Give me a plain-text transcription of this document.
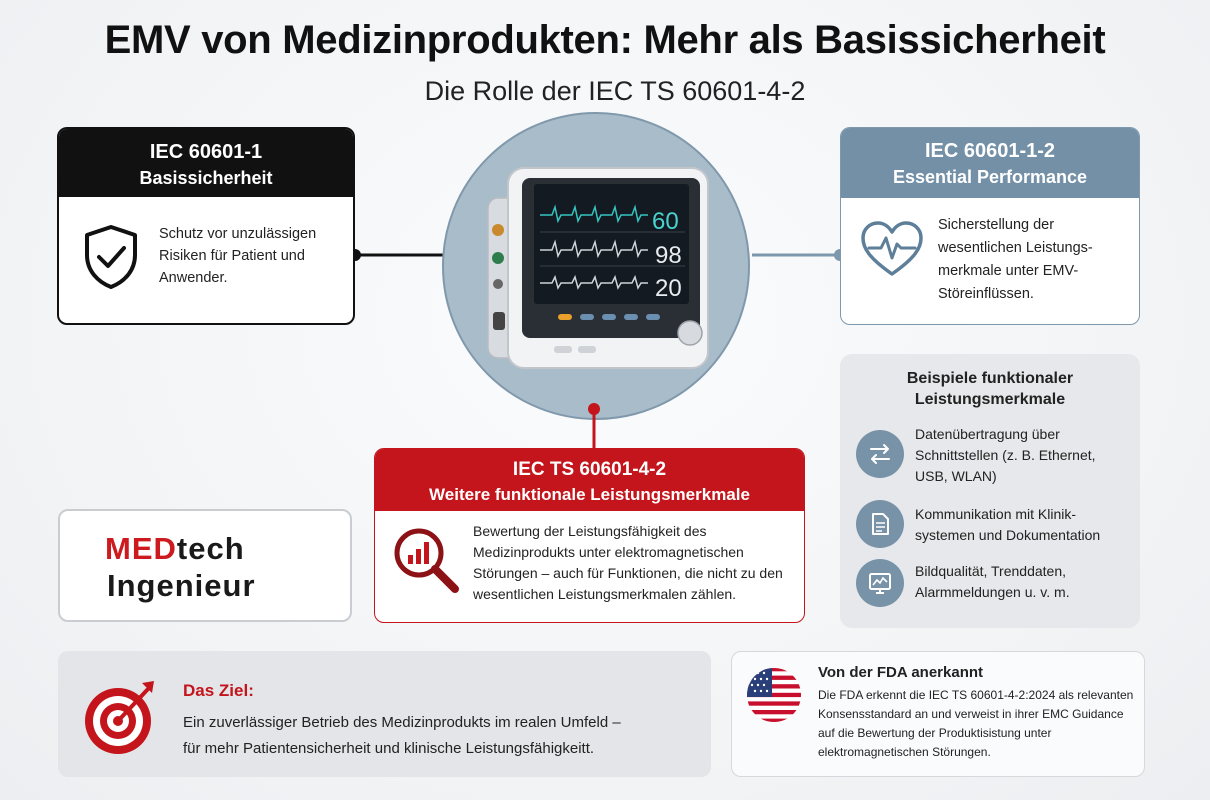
EMV von Medizinprodukten: Mehr als Basissicherheit
Die Rolle der IEC TS 60601-4-2
60
98
20
IEC 60601-1
Basissicherheit
Schutz vor unzulässigen Risiken für Patient und Anwender.
IEC 60601-1-2
Essential Performance
Sicherstellung der wesentlichen Leistungs-merkmale unter EMV-Störeinflüssen.
IEC TS 60601-4-2
Weitere funktionale Leistungsmerkmale
Bewertung der Leistungsfähigkeit des Medizinprodukts unter elektromagnetischen Störungen – auch für Funktionen, die nicht zu den wesentlichen Leistungsmerkmalen zählen.
MEDtech
Ingenieur
Beispiele funktionaler Leistungsmerkmale
Datenübertragung über Schnittstellen (z. B. Ethernet, USB, WLAN)
Kommunikation mit Klinik-systemen und Dokumentation
Bildqualität, Trenddaten, Alarmmeldungen u. v. m.
Das Ziel:
Ein zuverlässiger Betrieb des Medizinprodukts im realen Umfeld –
für mehr Patientensicherheit und klinische Leistungsfähigkeitt.
Von der FDA anerkannt
Die FDA erkennt die IEC TS 60601-4-2:2024 als relevanten Konsensstandard an und verweist in ihrer EMC Guidance auf die Bewertung der Produktisistung unter elektromagnetischen Störungen.
